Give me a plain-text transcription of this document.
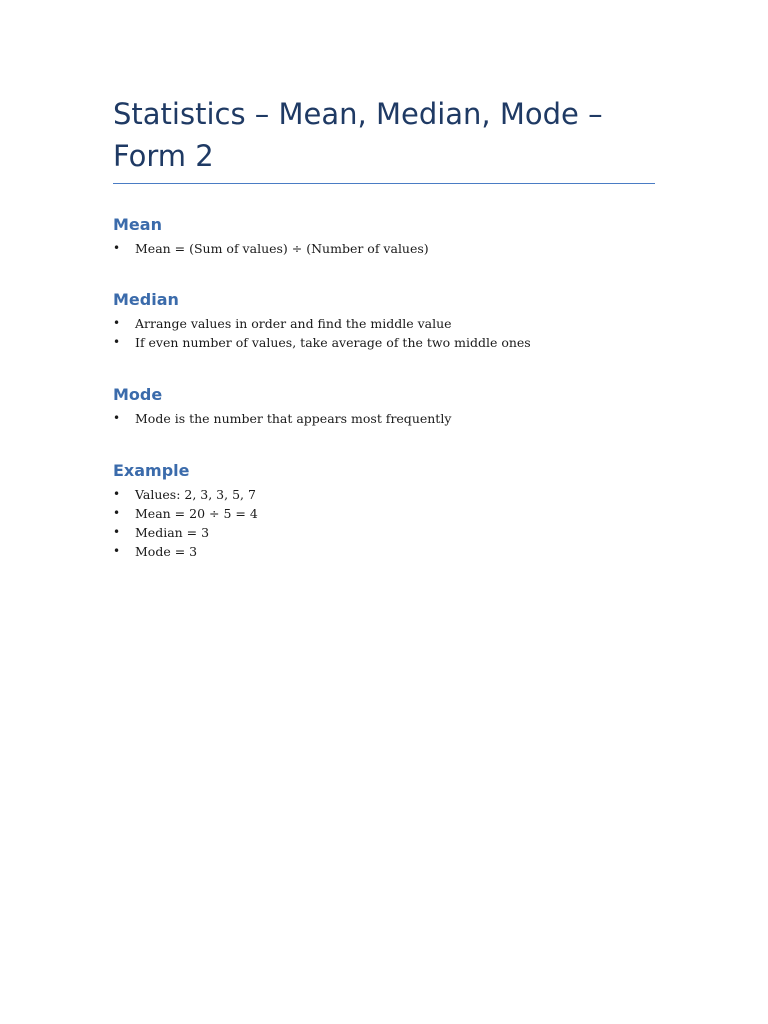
Statistics – Mean, Median, Mode –
Form 2
Mean
• Mean = (Sum of values) ÷ (Number of values)
Median
• Arrange values in order and find the middle value
• If even number of values, take average of the two middle ones
Mode
• Mode is the number that appears most frequently
Example
• Values: 2, 3, 3, 5, 7
• Mean = 20 ÷ 5 = 4
• Median = 3
• Mode = 3
